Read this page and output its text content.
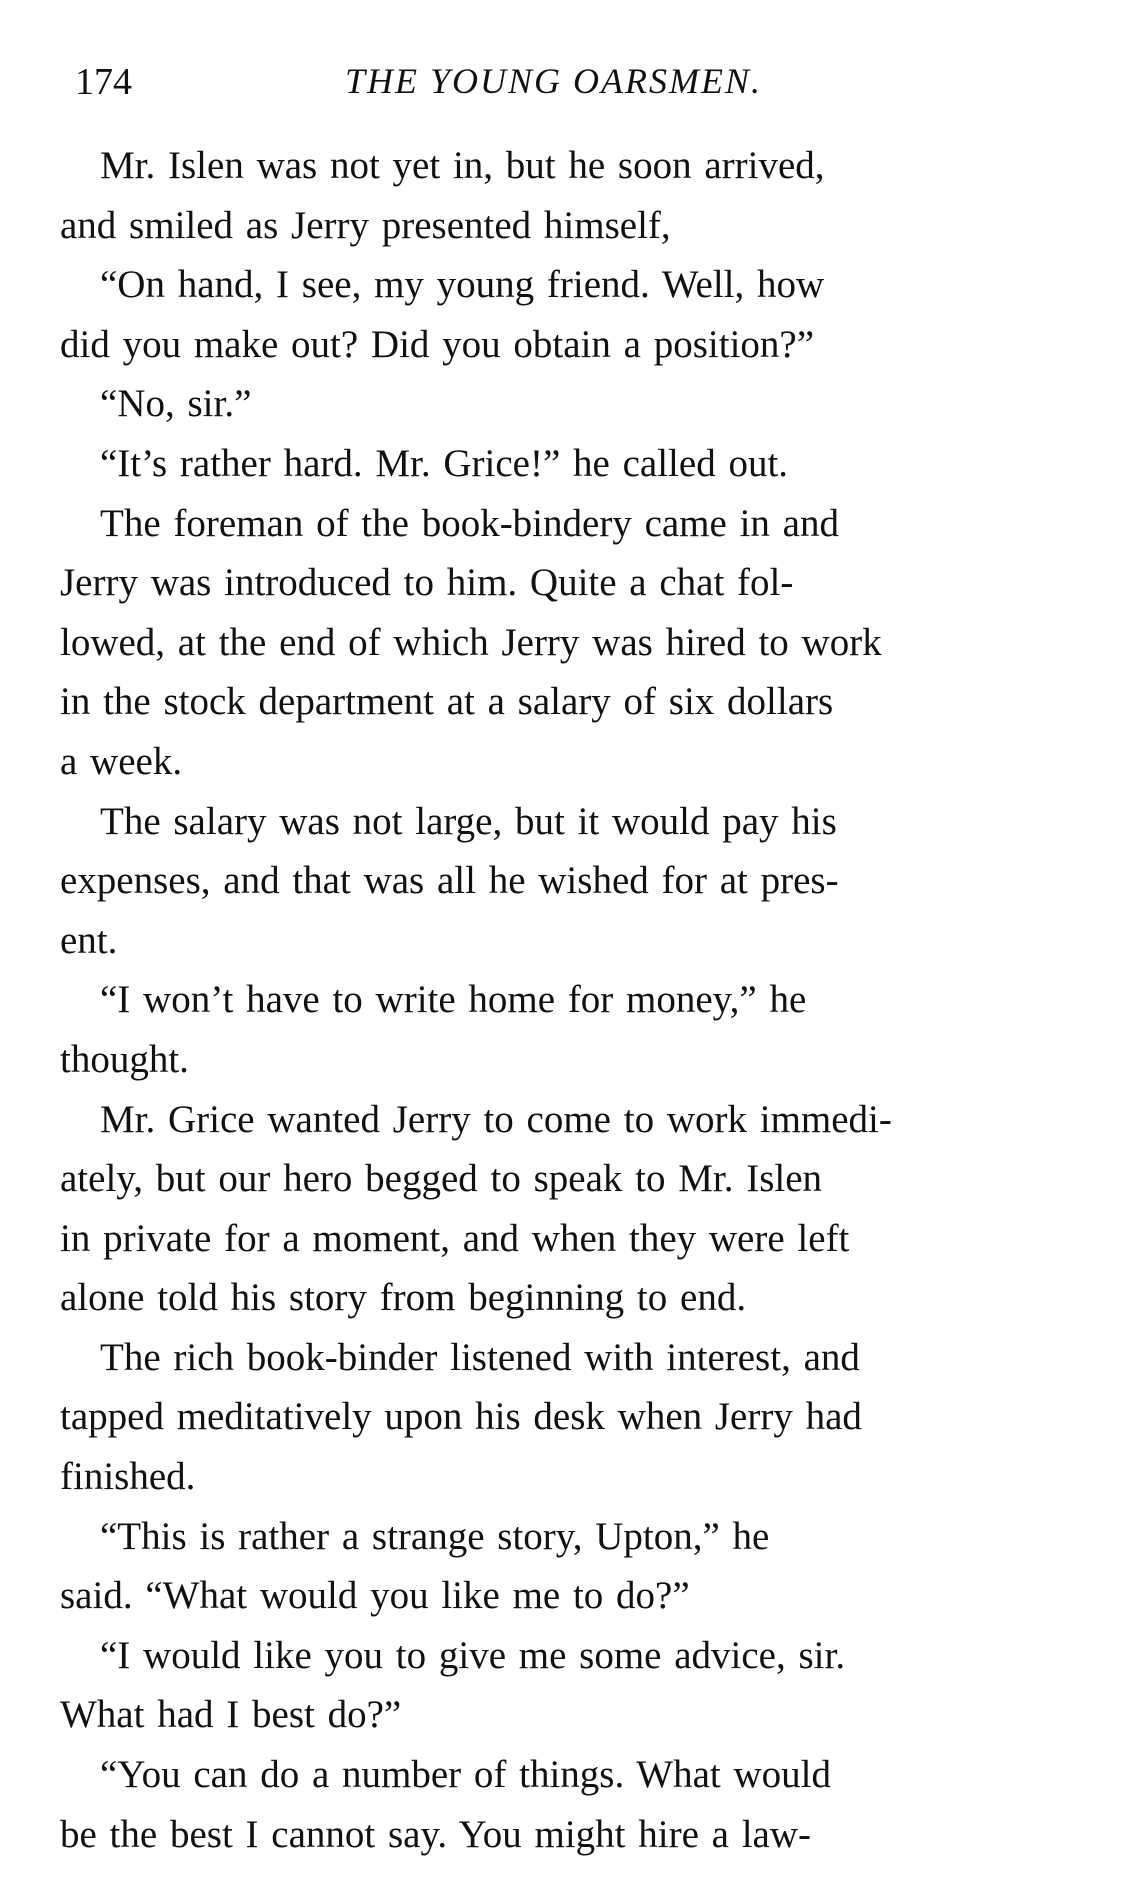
174	THE YOUNG OARSMEN.
Mr. Islen was not yet in, but he soon arrived,
and smiled as Jerry presented himself,
“On hand, I see, my young friend. Well, how
did you make out? Did you obtain a position?”
“No, sir.”
“It’s rather hard. Mr. Grice!” he called out.
The foreman of the book-bindery came in and
Jerry was introduced to him. Quite a chat fol-
lowed, at the end of which Jerry was hired to work
in the stock department at a salary of six dollars
a week.
The salary was not large, but it would pay his
expenses, and that was all he wished for at pres-
ent.
“I won’t have to write home for money,” he
thought.
Mr. Grice wanted Jerry to come to work immedi-
ately, but our hero begged to speak to Mr. Islen
in private for a moment, and when they were left
alone told his story from beginning to end.
The rich book-binder listened with interest, and
tapped meditatively upon his desk when Jerry had
finished.
“This is rather a strange story, Upton,” he
said. “What would you like me to do?”
“I would like you to give me some advice, sir.
What had I best do?”
“You can do a number of things. What would
be the best I cannot say. You might hire a law-
